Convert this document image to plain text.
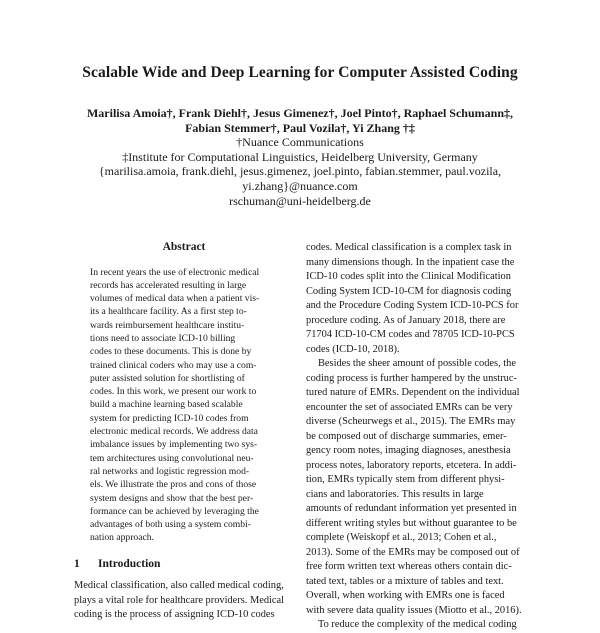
Scalable Wide and Deep Learning for Computer Assisted Coding
Marilisa Amoia†, Frank Diehl†, Jesus Gimenez†, Joel Pinto†, Raphael Schumann‡,
Fabian Stemmer†, Paul Vozila†, Yi Zhang †‡
†Nuance Communications
‡Institute for Computational Linguistics, Heidelberg University, Germany
{marilisa.amoia, frank.diehl, jesus.gimenez, joel.pinto, fabian.stemmer, paul.vozila,
yi.zhang}@nuance.com
rschuman@uni-heidelberg.de
Abstract
In recent years the use of electronic medical
records has accelerated resulting in large
volumes of medical data when a patient vis-
its a healthcare facility. As a first step to-
wards reimbursement healthcare institu-
tions need to associate ICD-10 billing
codes to these documents. This is done by
trained clinical coders who may use a com-
puter assisted solution for shortlisting of
codes. In this work, we present our work to
build a machine learning based scalable
system for predicting ICD-10 codes from
electronic medical records. We address data
imbalance issues by implementing two sys-
tem architectures using convolutional neu-
ral networks and logistic regression mod-
els. We illustrate the pros and cons of those
system designs and show that the best per-
formance can be achieved by leveraging the
advantages of both using a system combi-
nation approach.
1 Introduction
Medical classification, also called medical coding,
plays a vital role for healthcare providers. Medical
coding is the process of assigning ICD-10 codes
codes. Medical classification is a complex task in
many dimensions though. In the inpatient case the
ICD-10 codes split into the Clinical Modification
Coding System ICD-10-CM for diagnosis coding
and the Procedure Coding System ICD-10-PCS for
procedure coding. As of January 2018, there are
71704 ICD-10-CM codes and 78705 ICD-10-PCS
codes (ICD-10, 2018).
Besides the sheer amount of possible codes, the
coding process is further hampered by the unstruc-
tured nature of EMRs. Dependent on the individual
encounter the set of associated EMRs can be very
diverse (Scheurwegs et al., 2015). The EMRs may
be composed out of discharge summaries, emer-
gency room notes, imaging diagnoses, anesthesia
process notes, laboratory reports, etcetera. In addi-
tion, EMRs typically stem from different physi-
cians and laboratories. This results in large
amounts of redundant information yet presented in
different writing styles but without guarantee to be
complete (Weiskopf et al., 2013; Cohen et al.,
2013). Some of the EMRs may be composed out of
free form written text whereas others contain dic-
tated text, tables or a mixture of tables and text.
Overall, when working with EMRs one is faced
with severe data quality issues (Miotto et al., 2016).
To reduce the complexity of the medical coding
